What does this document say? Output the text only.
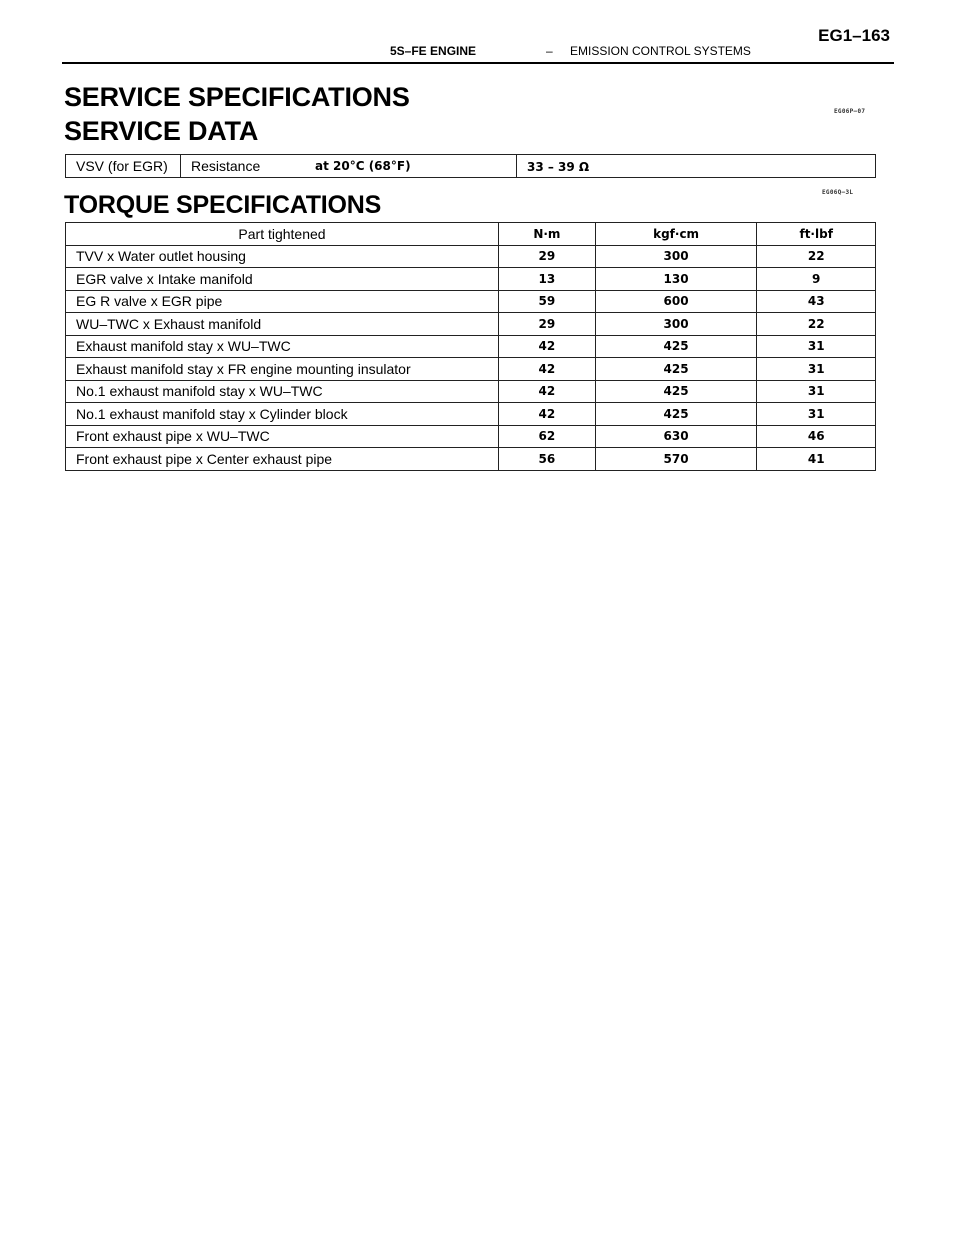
5S–FE ENGINE	– EMISSION CONTROL SYSTEMS
EG1–163
SERVICE SPECIFICATIONS
SERVICE DATA
EG06P–07
VSV (for EGR)	Resistance	at 20°C (68°F)	33 – 39 Ω
TORQUE SPECIFICATIONS	EG06Q–3L
Part tightened	N·m	kgf·cm	ft·lbf
TVV x Water outlet housing	29	300	22
EGR valve x Intake manifold	13	130	9
EG R valve x EGR pipe	59	600	43
WU–TWC x Exhaust manifold	29	300	22
Exhaust manifold stay x WU–TWC	42	425	31
Exhaust manifold stay x FR engine mounting insulator	42	425	31
No.1 exhaust manifold stay x WU–TWC	42	425	31
No.1 exhaust manifold stay x Cylinder block	42	425	31
Front exhaust pipe x WU–TWC	62	630	46
Front exhaust pipe x Center exhaust pipe	56	570	41
